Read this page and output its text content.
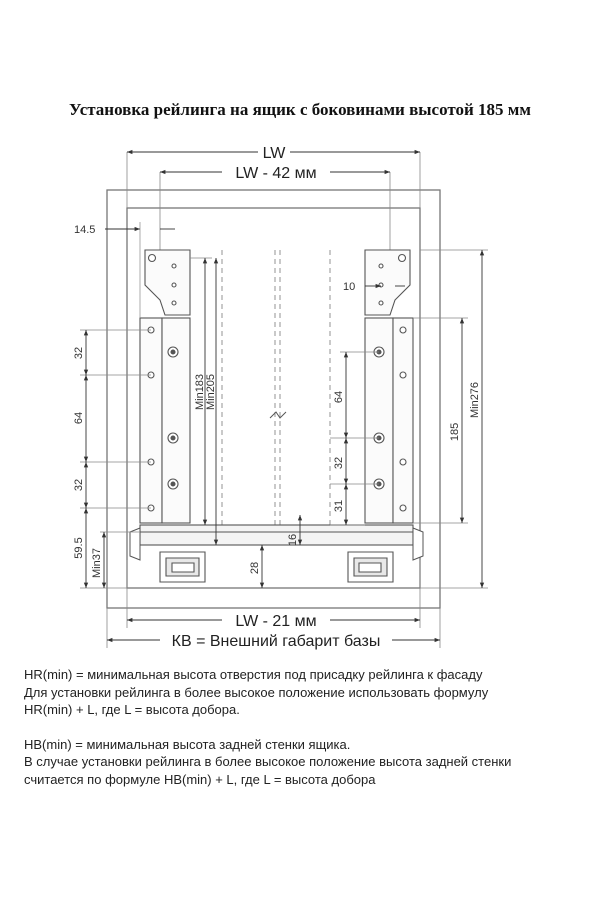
Установка рейлинга на ящик с боковинами высотой 185 мм
LW
LW - 42 мм
LW - 21 мм
КВ = Внешний габарит базы
32
64
32
59.5
Min37
14.5
Min183 Min205
28
16
10
64
32
31
185
Min276

HR(min) = минимальная высота отверстия под присадку рейлинга к фасаду

Для установки рейлинга в более высокое положение использовать формулу

HR(min) + L, где L = высота добора.

HB(min) = минимальная высота задней стенки ящика.

В случае установки рейлинга в более высокое положение высота задней стенки

считается по формуле HB(min) + L, где L = высота добора
